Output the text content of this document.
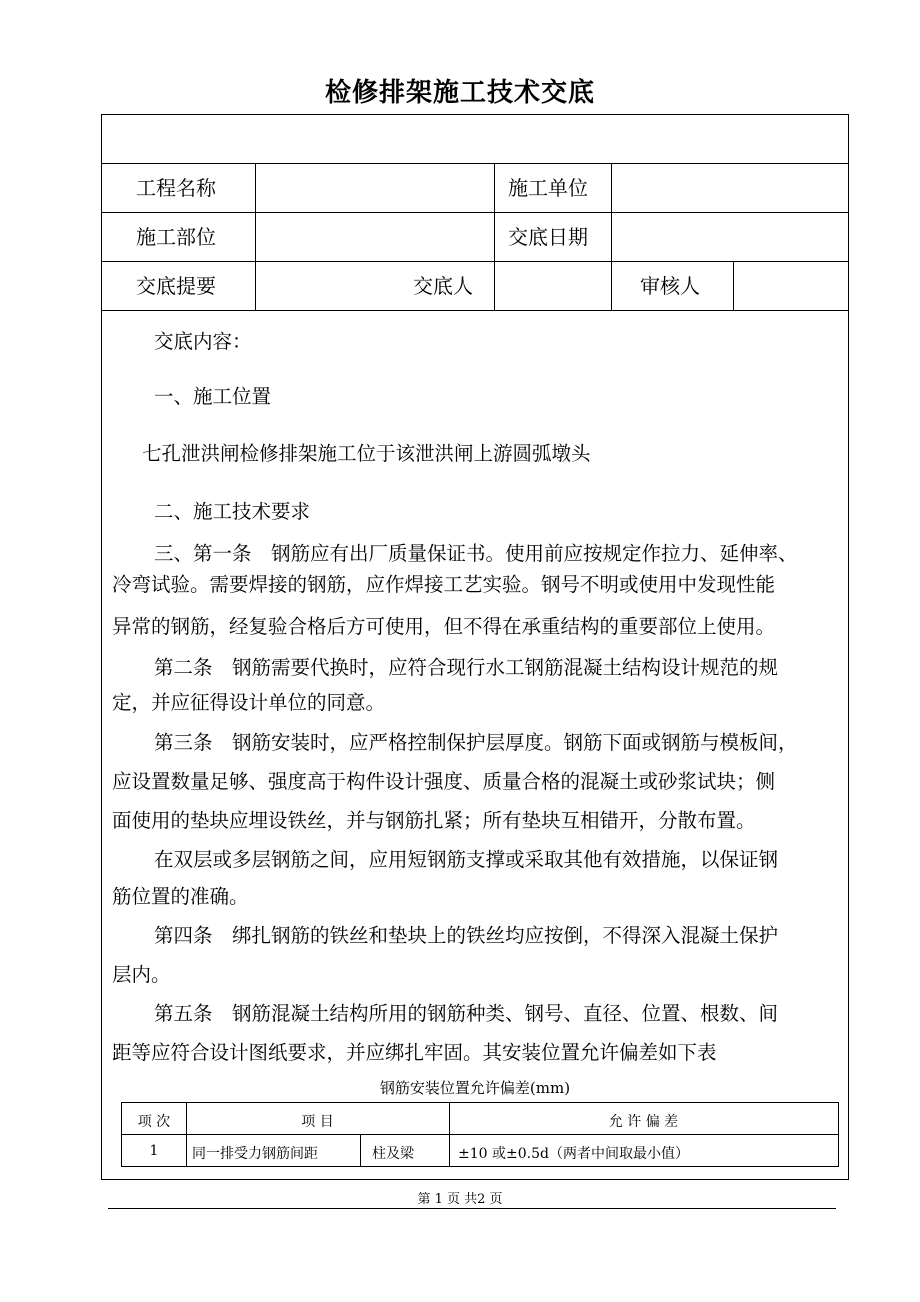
检修排架施工技术交底
工程名称	施工单位
施工部位	交底日期
交底提要	交底人	审核人
交底内容：
一、施工位置
七孔泄洪闸检修排架施工位于该泄洪闸上游圆弧墩头
二、施工技术要求
三、第一条　钢筋应有出厂质量保证书。使用前应按规定作拉力、延伸率、
冷弯试验。需要焊接的钢筋，应作焊接工艺实验。钢号不明或使用中发现性能
异常的钢筋，经复验合格后方可使用，但不得在承重结构的重要部位上使用。
第二条　钢筋需要代换时，应符合现行水工钢筋混凝土结构设计规范的规
定，并应征得设计单位的同意。
第三条　钢筋安装时，应严格控制保护层厚度。钢筋下面或钢筋与模板间，
应设置数量足够、强度高于构件设计强度、质量合格的混凝土或砂浆试块；侧
面使用的垫块应埋设铁丝，并与钢筋扎紧；所有垫块互相错开，分散布置。
在双层或多层钢筋之间，应用短钢筋支撑或采取其他有效措施，以保证钢
筋位置的准确。
第四条　绑扎钢筋的铁丝和垫块上的铁丝均应按倒，不得深入混凝土保护
层内。
第五条　钢筋混凝土结构所用的钢筋种类、钢号、直径、位置、根数、间
距等应符合设计图纸要求，并应绑扎牢固。其安装位置允许偏差如下表
钢筋安装位置允许偏差(mm)
项 次	项 目	允 许 偏 差
1	同一排受力钢筋间距	柱及梁	±10 或±0.5d（两者中间取最小值）
第 1 页 共2 页
